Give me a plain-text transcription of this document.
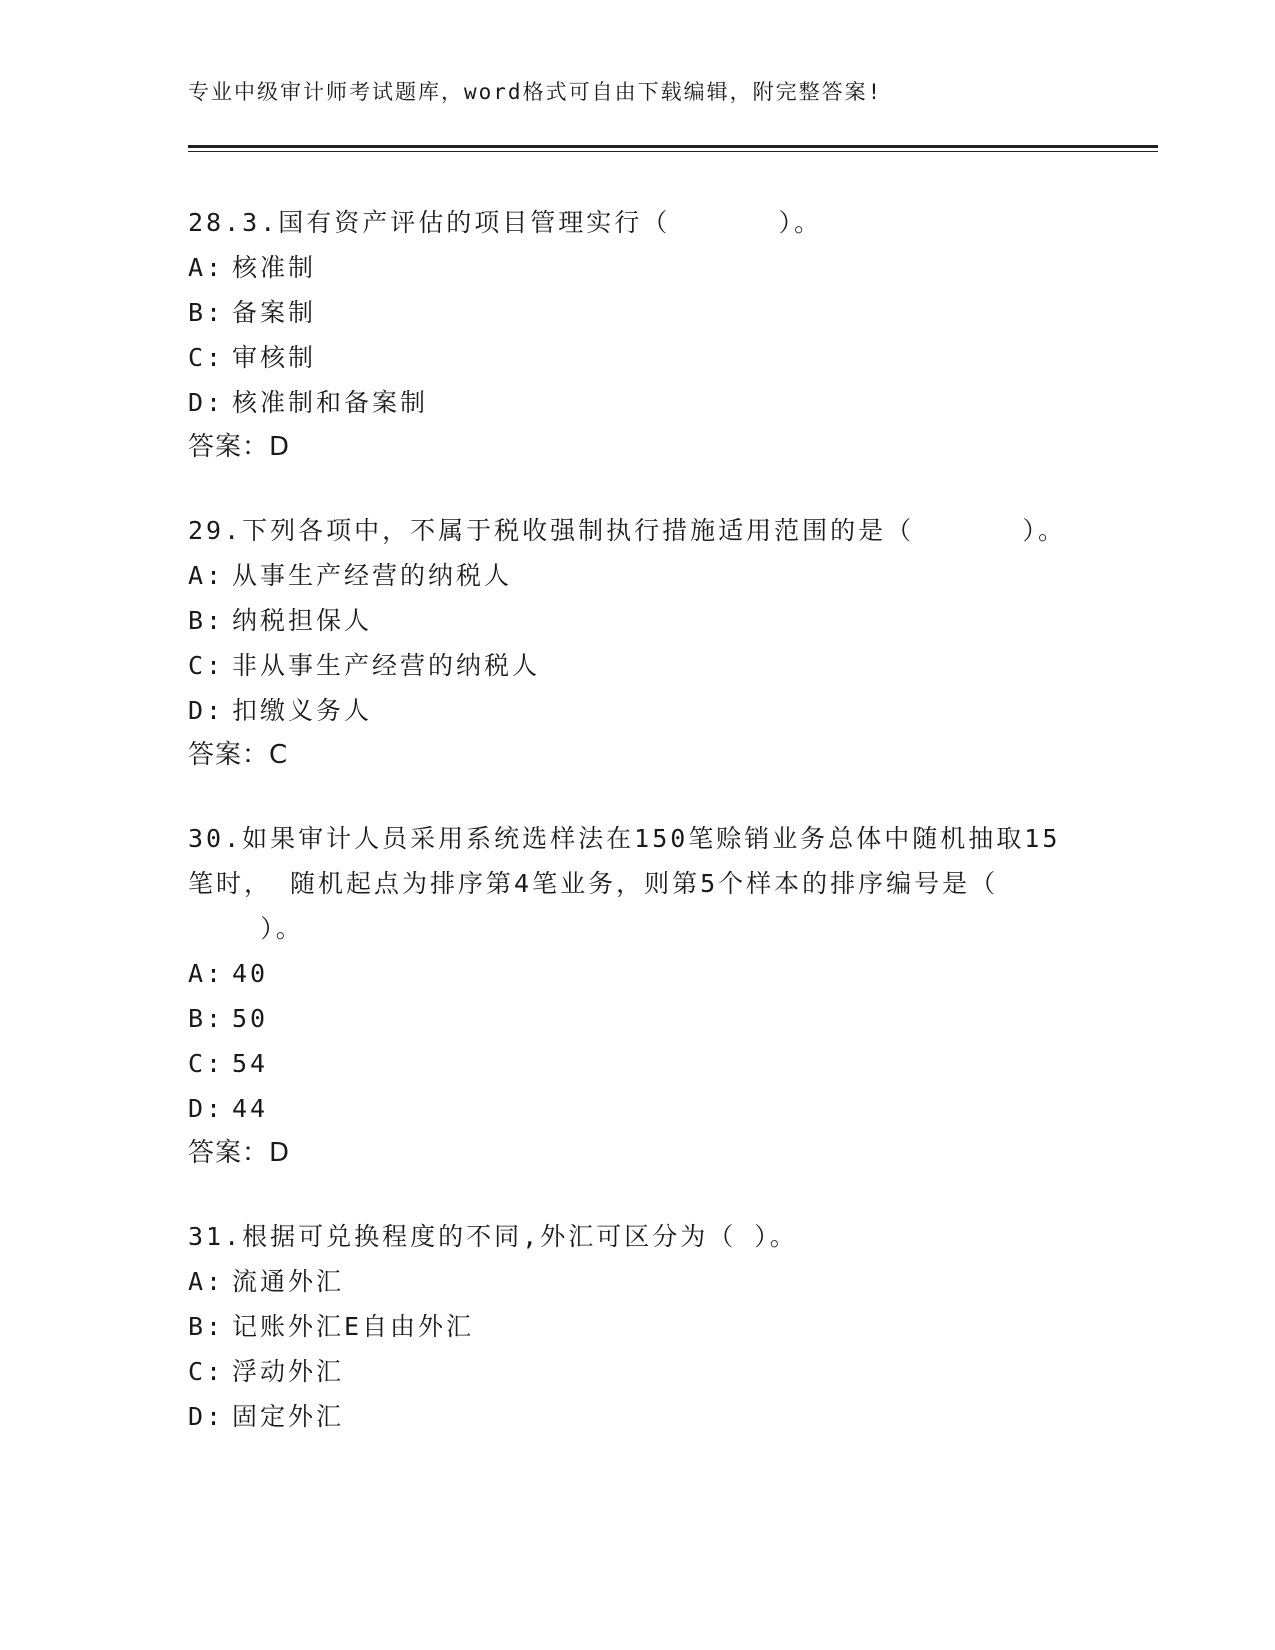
专业中级审计师考试题库，word格式可自由下载编辑，附完整答案!
28.3.国有资产评估的项目管理实行（      ）。
A: 核准制
B: 备案制
C: 审核制
D: 核准制和备案制
答案：D
29.下列各项中，不属于税收强制执行措施适用范围的是（      ）。
A: 从事生产经营的纳税人
B: 纳税担保人
C: 非从事生产经营的纳税人
D: 扣缴义务人
答案：C
30.如果审计人员采用系统选样法在150笔赊销业务总体中随机抽取15
笔时， 随机起点为排序第4笔业务，则第5个样本的排序编号是（
）。
A: 40
B: 50
C: 54
D: 44
答案：D
31.根据可兑换程度的不同,外汇可区分为（ ）。
A: 流通外汇
B: 记账外汇E自由外汇
C: 浮动外汇
D: 固定外汇
